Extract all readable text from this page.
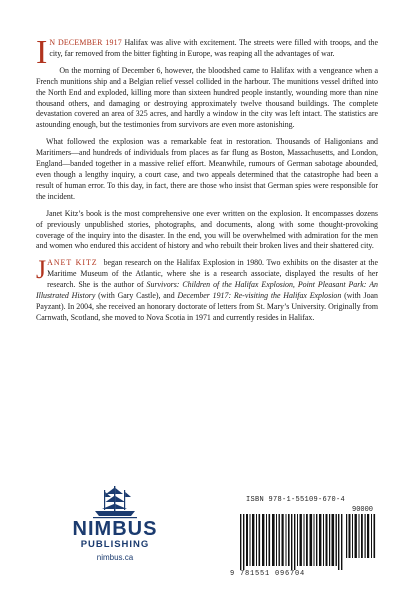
I N DECEMBER 1917 Halifax was alive with excitement. The streets were filled with troops, and the city, far removed from the bitter fighting in Europe, was reaping all the advantages of war.

On the morning of December 6, however, the bloodshed came to Halifax with a vengeance when a French munitions ship and a Belgian relief vessel collided in the harbour. The munitions vessel drifted into the North End and exploded, killing more than sixteen hundred people instantly, wounding more than nine thousand others, and damaging or destroying approximately twelve thousand buildings. The complete devastation covered an area of 325 acres, and hardly a window in the city was left intact. The statistics are astounding enough, but the testimonies from survivors are even more astonishing.

What followed the explosion was a remarkable feat in restoration. Thousands of Haligonians and Maritimers—and hundreds of individuals from places as far flung as Boston, Massachusetts, and London, England—banded together in a massive relief effort. Meanwhile, rumours of German sabotage abounded, even though a lengthy inquiry, a court case, and two appeals determined that the catastrophe had been a result of human error. To this day, in fact, there are those who insist that German spies were responsible for the incident.

Janet Kitz’s book is the most comprehensive one ever written on the explosion. It encompasses dozens of previously unpublished stories, photographs, and documents, along with some thought-provoking coverage of the inquiry into the disaster. In the end, you will be overwhelmed with admiration for the men and women who endured this accident of history and who rebuilt their broken lives and their shattered city.

JANET KITZ began research on the Halifax Explosion in 1980. Two exhibits on the disaster at the Maritime Museum of the Atlantic, where she is a research associate, displayed the results of her research. She is the author of Survivors: Children of the Halifax Explosion, Point Pleasant Park: An Illustrated History (with Gary Castle), and December 1917: Re-visiting the Halifax Explosion (with Joan Payzant). In 2004, she received an honorary doctorate of letters from St. Mary’s University. Originally from Carnwath, Scotland, she moved to Nova Scotia in 1971 and currently resides in Halifax.

NIMBUS
PUBLISHING
nimbus.ca
ISBN 978-1-55109-670-4
90000
9 781551 096704
